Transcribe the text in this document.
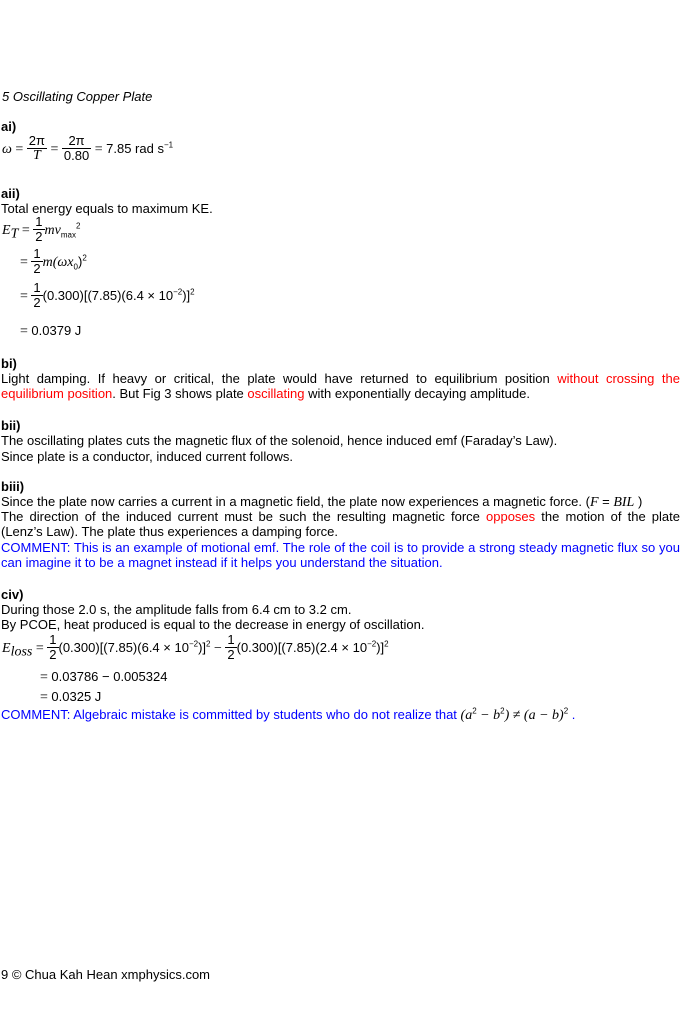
5 Oscillating Copper Plate
ai)
$\omega = \frac{2\pi}{T} = \frac{2\pi}{0.80} = 7.85$ rad $s^{-1}$
aii)
Total energy equals to maximum KE.
$E_T = \frac{1}{2} mv_{max}^2$
= $\frac{1}{2} m(\omega x_0)^2$
= $\frac{1}{2} (0.300)[(7.85)(6.4 \times 10^{-2})]^2$
= 0.0379 J
bi)
Light damping. If heavy or critical, the plate would have returned to equilibrium position without crossing the equilibrium position. But Fig 3 shows plate oscillating with exponentially decaying amplitude.
bii)
The oscillating plates cuts the magnetic flux of the solenoid, hence induced emf (Faraday’s Law).
Since plate is a conductor, induced current follows.
biii)
Since the plate now carries a current in a magnetic field, the plate now experiences a magnetic force. (F = BIL )
The direction of the induced current must be such the resulting magnetic force opposes the motion of the plate (Lenz’s Law). The plate thus experiences a damping force.
COMMENT: This is an example of motional emf. The role of the coil is to provide a strong steady magnetic flux so you can imagine it to be a magnet instead if it helps you understand the situation.
civ)
During those 2.0 s, the amplitude falls from 6.4 cm to 3.2 cm.
By PCOE, heat produced is equal to the decrease in energy of oscillation.
$E_{loss} = \frac{1}{2} (0.300)[(7.85)(6.4 \times 10^{-2})]^2 - \frac{1}{2} (0.300)[(7.85)(2.4 \times 10^{-2})]^2$
= 0.03786 − 0.005324
= 0.0325 J
COMMENT: Algebraic mistake is committed by students who do not realize that $(a^2 - b^2) \ne (a - b)^2$ .
9 © Chua Kah Hean xmphysics.com
